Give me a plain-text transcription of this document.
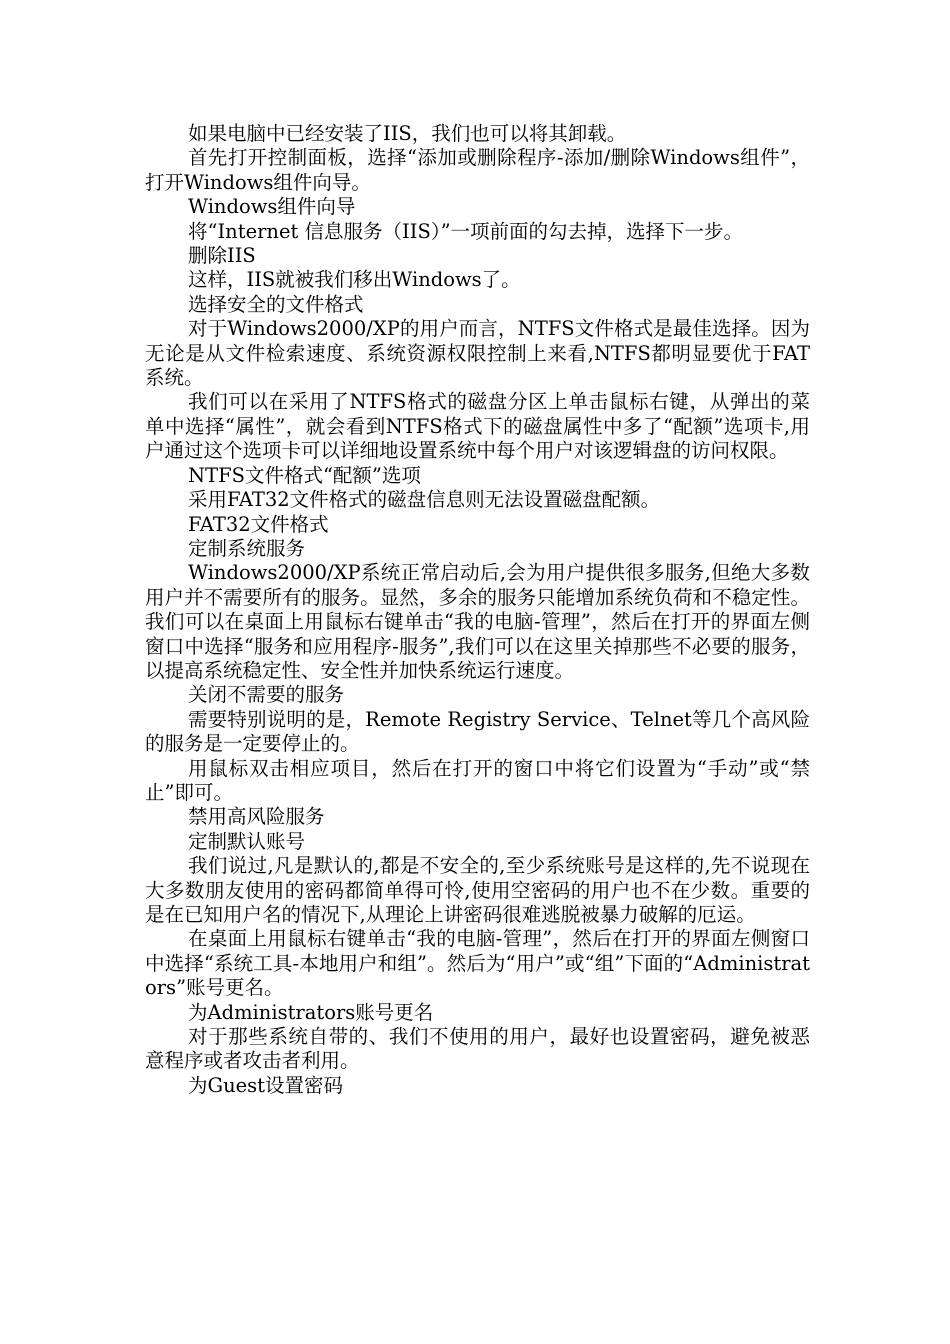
如果电脑中已经安装了IIS，我们也可以将其卸载。

首先打开控制面板，选择“添加或删除程序-添加/删除Windows组件”，打开Windows组件向导。

Windows组件向导

将“Internet 信息服务（IIS）”一项前面的勾去掉，选择下一步。

删除IIS

这样，IIS就被我们移出Windows了。

选择安全的文件格式

对于Windows2000/XP的用户而言，NTFS文件格式是最佳选择。因为无论是从文件检索速度、系统资源权限控制上来看,NTFS都明显要优于FAT系统。

我们可以在采用了NTFS格式的磁盘分区上单击鼠标右键，从弹出的菜单中选择“属性”，就会看到NTFS格式下的磁盘属性中多了“配额”选项卡,用户通过这个选项卡可以详细地设置系统中每个用户对该逻辑盘的访问权限。

NTFS文件格式“配额”选项

采用FAT32文件格式的磁盘信息则无法设置磁盘配额。

FAT32文件格式

定制系统服务

Windows2000/XP系统正常启动后,会为用户提供很多服务,但绝大多数用户并不需要所有的服务。显然，多余的服务只能增加系统负荷和不稳定性。我们可以在桌面上用鼠标右键单击“我的电脑-管理”，然后在打开的界面左侧窗口中选择“服务和应用程序-服务”,我们可以在这里关掉那些不必要的服务，以提高系统稳定性、安全性并加快系统运行速度。

关闭不需要的服务

需要特别说明的是，Remote Registry Service、Telnet等几个高风险的服务是一定要停止的。

用鼠标双击相应项目，然后在打开的窗口中将它们设置为“手动”或“禁止”即可。

禁用高风险服务

定制默认账号

我们说过,凡是默认的,都是不安全的,至少系统账号是这样的,先不说现在大多数朋友使用的密码都简单得可怜,使用空密码的用户也不在少数。重要的是在已知用户名的情况下,从理论上讲密码很难逃脱被暴力破解的厄运。

在桌面上用鼠标右键单击“我的电脑-管理”，然后在打开的界面左侧窗口中选择“系统工具-本地用户和组”。然后为“用户”或“组”下面的“Administrators”账号更名。

为Administrators账号更名

对于那些系统自带的、我们不使用的用户，最好也设置密码，避免被恶意程序或者攻击者利用。

为Guest设置密码
